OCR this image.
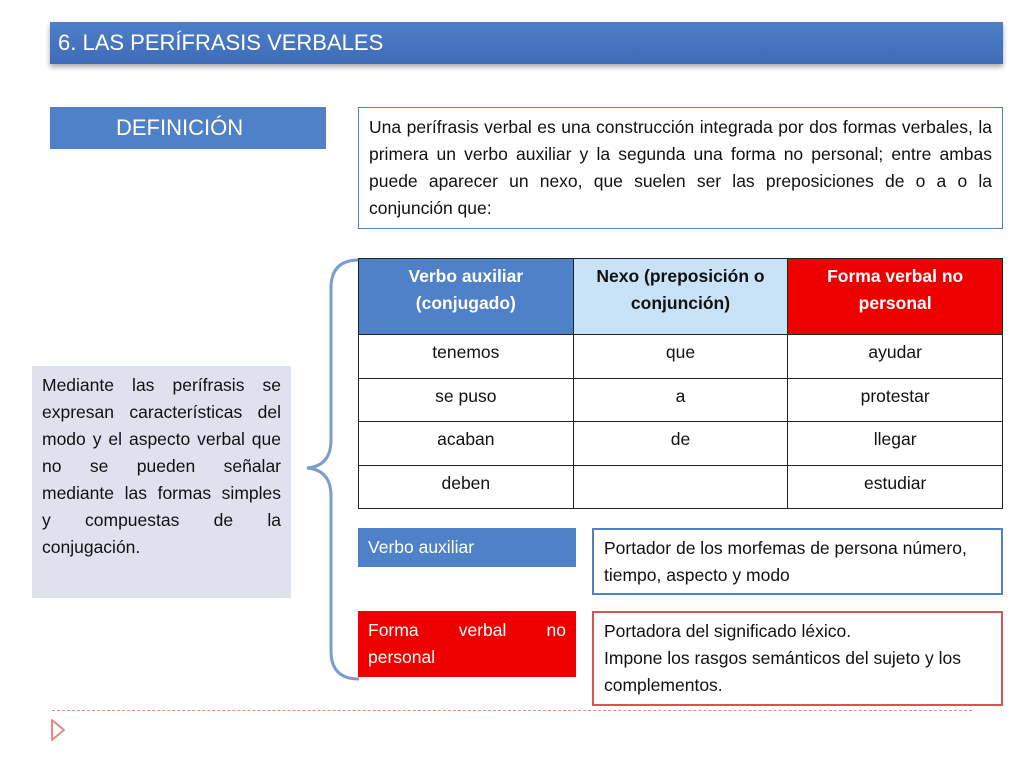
6. LAS PERÍFRASIS VERBALES
DEFINICIÓN	Una perífrasis verbal es una construcción integrada por dos formas verbales, la primera un verbo auxiliar y la segunda una forma no personal; entre ambas puede aparecer un nexo, que suelen ser las preposiciones de o a o la conjunción que:
Mediante las perífrasis se expresan características del modo y el aspecto verbal que no se pueden señalar mediante las formas simples y compuestas de la conjugación.
Verbo auxiliar (conjugado)	Nexo (preposición o conjunción)	Forma verbal no personal
tenemos	que	ayudar
se puso	a	protestar
acaban	de	llegar
deben		estudiar
Verbo auxiliar
Forma verbal no personal
Portador de los morfemas de persona número, tiempo, aspecto y modo
Portadora del significado léxico.
Impone los rasgos semánticos del sujeto y los complementos.
